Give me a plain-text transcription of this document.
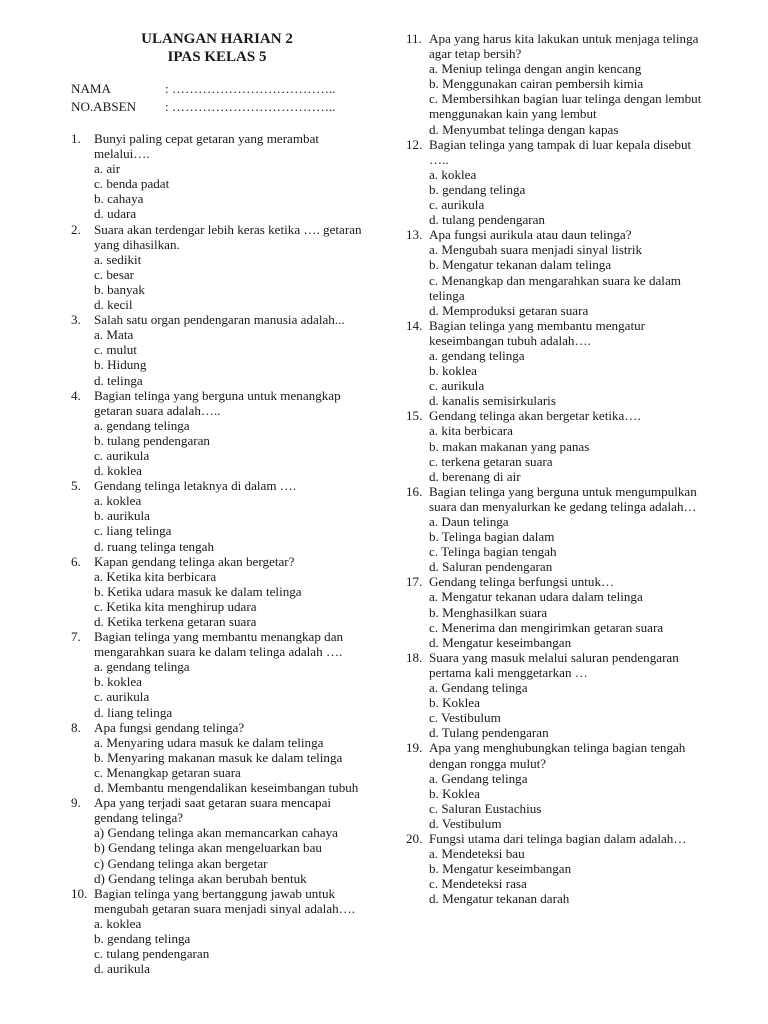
ULANGAN HARIAN 2
IPAS KELAS 5
NAMA	: ………………………………..
NO.ABSEN : ………………………………..
1. Bunyi paling cepat getaran yang merambat melalui….
a. air
c. benda padat
b. cahaya
d. udara
2. Suara akan terdengar lebih keras ketika …. getaran yang dihasilkan.
a. sedikit
c. besar
b. banyak
d. kecil
3. Salah satu organ pendengaran manusia adalah...
a. Mata
c. mulut
b. Hidung
d. telinga
4. Bagian telinga yang berguna untuk menangkap getaran suara adalah…..
a. gendang telinga
b. tulang pendengaran
c. aurikula
d. koklea
5. Gendang telinga letaknya di dalam ….
a. koklea
b. aurikula
c. liang telinga
d. ruang telinga tengah
6. Kapan gendang telinga akan bergetar?
a. Ketika kita berbicara
b. Ketika udara masuk ke dalam telinga
c. Ketika kita menghirup udara
d. Ketika terkena getaran suara
7. Bagian telinga yang membantu menangkap dan mengarahkan suara ke dalam telinga adalah ….
a. gendang telinga
b. koklea
c. aurikula
d. liang telinga
8. Apa fungsi gendang telinga?
a. Menyaring udara masuk ke dalam telinga
b. Menyaring makanan masuk ke dalam telinga
c. Menangkap getaran suara
d. Membantu mengendalikan keseimbangan tubuh
9. Apa yang terjadi saat getaran suara mencapai gendang telinga?
a) Gendang telinga akan memancarkan cahaya
b) Gendang telinga akan mengeluarkan bau
c) Gendang telinga akan bergetar
d) Gendang telinga akan berubah bentuk
10. Bagian telinga yang bertanggung jawab untuk mengubah getaran suara menjadi sinyal adalah….
a. koklea
b. gendang telinga
c. tulang pendengaran
d. aurikula
11. Apa yang harus kita lakukan untuk menjaga telinga agar tetap bersih?
a. Meniup telinga dengan angin kencang
b. Menggunakan cairan pembersih kimia
c. Membersihkan bagian luar telinga dengan lembut menggunakan kain yang lembut
d. Menyumbat telinga dengan kapas
12. Bagian telinga yang tampak di luar kepala disebut …..
a. koklea
b. gendang telinga
c. aurikula
d. tulang pendengaran
13. Apa fungsi aurikula atau daun telinga?
a. Mengubah suara menjadi sinyal listrik
b. Mengatur tekanan dalam telinga
c. Menangkap dan mengarahkan suara ke dalam telinga
d. Memproduksi getaran suara
14. Bagian telinga yang membantu mengatur keseimbangan tubuh adalah….
a. gendang telinga
b. koklea
c. aurikula
d. kanalis semisirkularis
15. Gendang telinga akan bergetar ketika….
a. kita berbicara
b. makan makanan yang panas
c. terkena getaran suara
d. berenang di air
16. Bagian telinga yang berguna untuk mengumpulkan suara dan menyalurkan ke gedang telinga adalah…
a. Daun telinga
b. Telinga bagian dalam
c. Telinga bagian tengah
d. Saluran pendengaran
17. Gendang telinga berfungsi untuk…
a. Mengatur tekanan udara dalam telinga
b. Menghasilkan suara
c. Menerima dan mengirimkan getaran suara
d. Mengatur keseimbangan
18. Suara yang masuk melalui saluran pendengaran pertama kali menggetarkan …
a. Gendang telinga
b. Koklea
c. Vestibulum
d. Tulang pendengaran
19. Apa yang menghubungkan telinga bagian tengah dengan rongga mulut?
a. Gendang telinga
b. Koklea
c. Saluran Eustachius
d. Vestibulum
20. Fungsi utama dari telinga bagian dalam adalah…
a. Mendeteksi bau
b. Mengatur keseimbangan
c. Mendeteksi rasa
d. Mengatur tekanan darah
